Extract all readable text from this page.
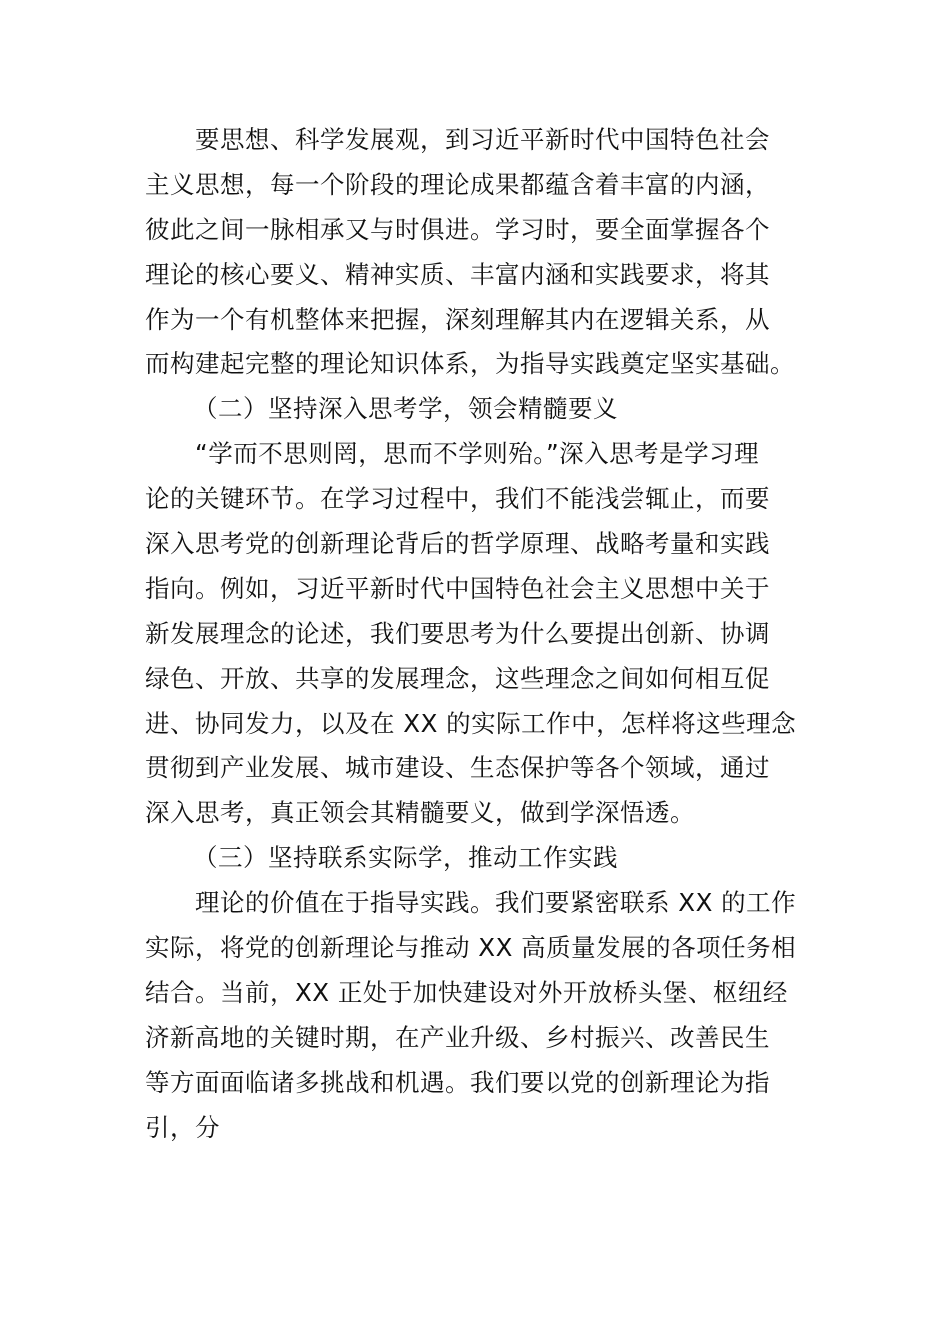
　　要思想、科学发展观，到习近平新时代中国特色社会
主义思想，每一个阶段的理论成果都蕴含着丰富的内涵，
彼此之间一脉相承又与时俱进。学习时，要全面掌握各个
理论的核心要义、精神实质、丰富内涵和实践要求，将其
作为一个有机整体来把握，深刻理解其内在逻辑关系，从
而构建起完整的理论知识体系，为指导实践奠定坚实基础。
（二）坚持深入思考学，领会精髓要义
　　“学而不思则罔，思而不学则殆。”深入思考是学习理
论的关键环节。在学习过程中，我们不能浅尝辄止，而要
深入思考党的创新理论背后的哲学原理、战略考量和实践
指向。例如，习近平新时代中国特色社会主义思想中关于
新发展理念的论述，我们要思考为什么要提出创新、协调
绿色、开放、共享的发展理念，这些理念之间如何相互促
进、协同发力，以及在 XX 的实际工作中，怎样将这些理念
贯彻到产业发展、城市建设、生态保护等各个领域，通过
深入思考，真正领会其精髓要义，做到学深悟透。
（三）坚持联系实际学，推动工作实践
　　理论的价值在于指导实践。我们要紧密联系 XX 的工作
实际，将党的创新理论与推动 XX 高质量发展的各项任务相
结合。当前，XX 正处于加快建设对外开放桥头堡、枢纽经
济新高地的关键时期，在产业升级、乡村振兴、改善民生
等方面面临诸多挑战和机遇。我们要以党的创新理论为指
引，分
